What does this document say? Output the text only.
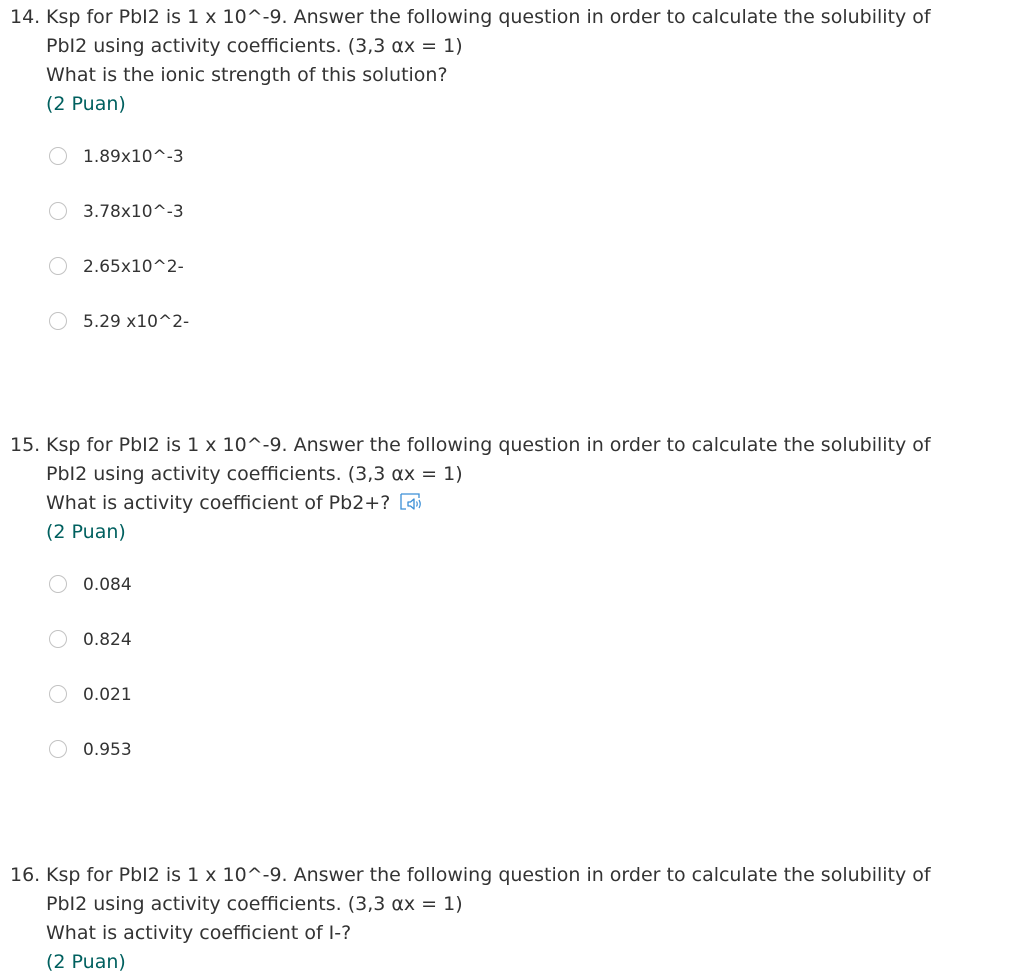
14. Ksp for PbI2 is 1 x 10^-9. Answer the following question in order to calculate the solubility of
PbI2 using activity coefficients. (3,3 αx = 1)
What is the ionic strength of this solution?

(2 Puan)
1.89x10^-3
3.78x10^-3
2.65x10^2-
5.29 x10^2-
15. Ksp for PbI2 is 1 x 10^-9. Answer the following question in order to calculate the solubility of
PbI2 using activity coefficients. (3,3 αx = 1)
What is activity coefficient of Pb2+?

(2 Puan)
0.084
0.824
0.021
0.953
16. Ksp for PbI2 is 1 x 10^-9. Answer the following question in order to calculate the solubility of
PbI2 using activity coefficients. (3,3 αx = 1)
What is activity coefficient of I-?

(2 Puan)
